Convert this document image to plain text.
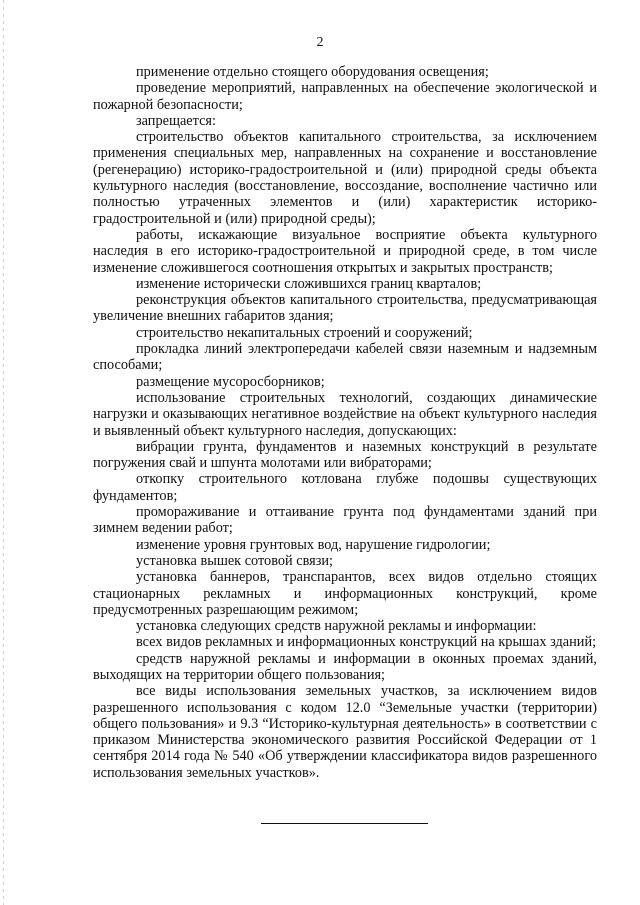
2

применение отдельно стоящего оборудования освещения;

проведение мероприятий, направленных на обеспечение экологической и пожарной безопасности;

запрещается:

строительство объектов капитального строительства, за исключением применения специальных мер, направленных на сохранение и восстановление (регенерацию) историко-градостроительной и (или) природной среды объекта культурного наследия (восстановление, воссоздание, восполнение частично или полностью утраченных элементов и (или) характеристик историко-градостроительной и (или) природной среды);

работы, искажающие визуальное восприятие объекта культурного наследия в его историко-градостроительной и природной среде, в том числе изменение сложившегося соотношения открытых и закрытых пространств;

изменение исторически сложившихся границ кварталов;

реконструкция объектов капитального строительства, предусматривающая увеличение внешних габаритов здания;

строительство некапитальных строений и сооружений;

прокладка линий электропередачи кабелей связи наземным и надземным способами;

размещение мусоросборников;

использование строительных технологий, создающих динамические нагрузки и оказывающих негативное воздействие на объект культурного наследия и выявленный объект культурного наследия, допускающих:

вибрации грунта, фундаментов и наземных конструкций в результате погружения свай и шпунта молотами или вибраторами;

откопку строительного котлована глубже подошвы существующих фундаментов;

промораживание и оттаивание грунта под фундаментами зданий при зимнем ведении работ;

изменение уровня грунтовых вод, нарушение гидрологии;

установка вышек сотовой связи;

установка баннеров, транспарантов, всех видов отдельно стоящих стационарных рекламных и информационных конструкций, кроме предусмотренных разрешающим режимом;

установка следующих средств наружной рекламы и информации:

всех видов рекламных и информационных конструкций на крышах зданий;

средств наружной рекламы и информации в оконных проемах зданий, выходящих на территории общего пользования;

все виды использования земельных участков, за исключением видов разрешенного использования с кодом 12.0 “Земельные участки (территории) общего пользования» и 9.3 “Историко-культурная деятельность» в соответствии с приказом Министерства экономического развития Российской Федерации от 1 сентября 2014 года № 540 «Об утверждении классификатора видов разрешенного использования земельных участков».
